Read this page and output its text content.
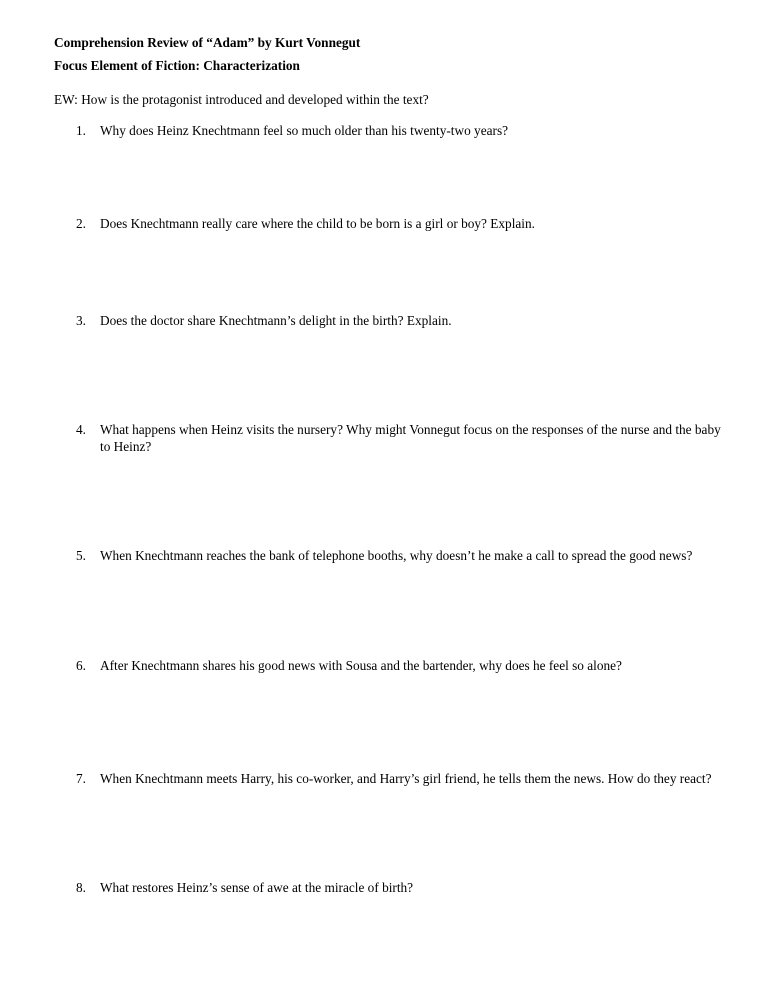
Comprehension Review of “Adam” by Kurt Vonnegut
Focus Element of Fiction: Characterization
EW: How is the protagonist introduced and developed within the text?
1. Why does Heinz Knechtmann feel so much older than his twenty-two years?
2. Does Knechtmann really care where the child to be born is a girl or boy? Explain.
3. Does the doctor share Knechtmann’s delight in the birth? Explain.
4. What happens when Heinz visits the nursery? Why might Vonnegut focus on the responses of the nurse and the baby to Heinz?
5. When Knechtmann reaches the bank of telephone booths, why doesn’t he make a call to spread the good news?
6. After Knechtmann shares his good news with Sousa and the bartender, why does he feel so alone?
7. When Knechtmann meets Harry, his co-worker, and Harry’s girl friend, he tells them the news. How do they react?
8. What restores Heinz’s sense of awe at the miracle of birth?
